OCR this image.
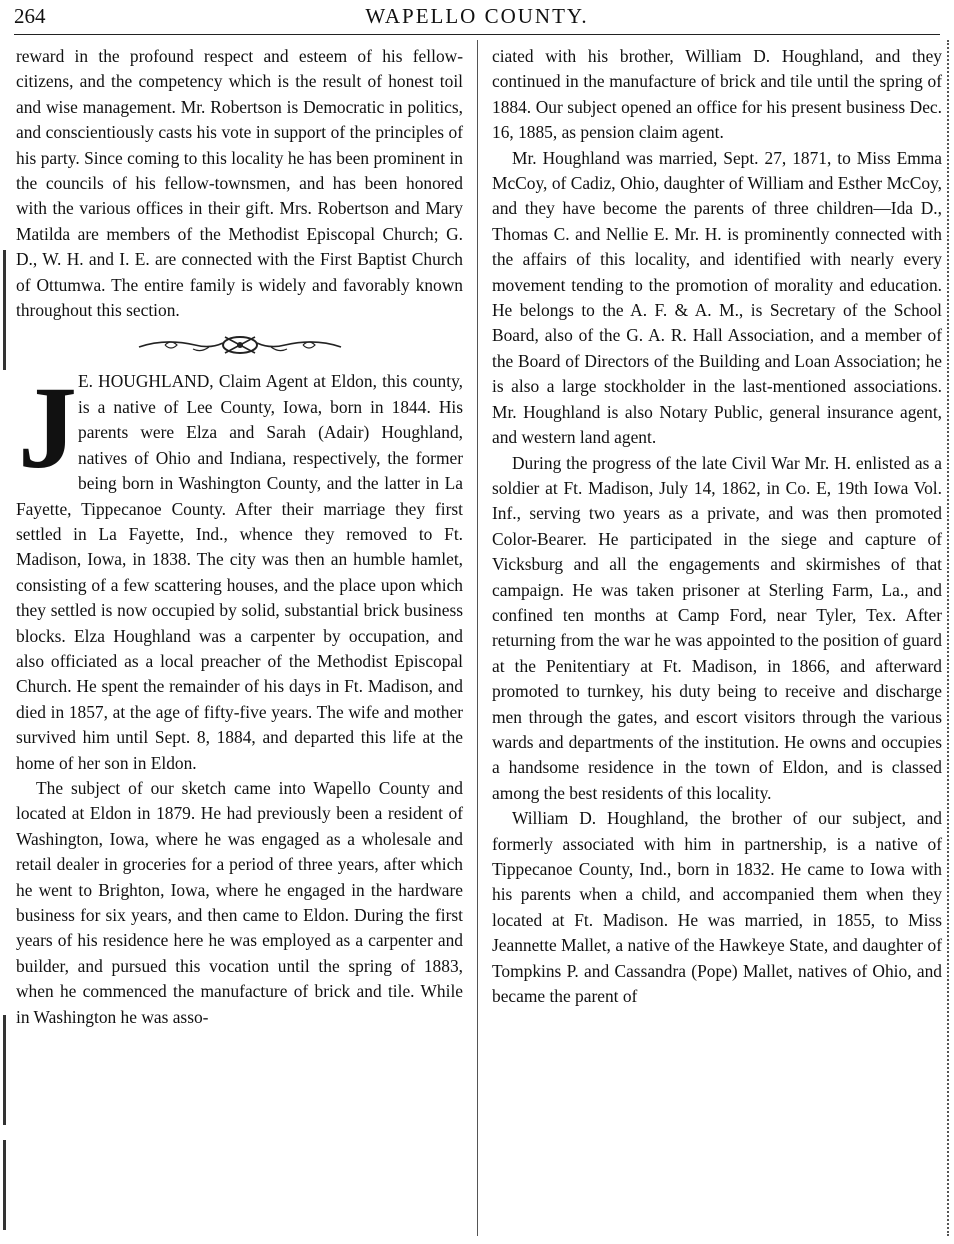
264	WAPELLO COUNTY.

reward in the profound respect and esteem of his fellow-citizens, and the competency which is the result of honest toil and wise management. Mr. Robertson is Democratic in politics, and conscientiously casts his vote in support of the principles of his party. Since coming to this locality he has been prominent in the councils of his fellow-townsmen, and has been honored with the various offices in their gift. Mrs. Robertson and Mary Matilda are members of the Methodist Episcopal Church; G. D., W. H. and I. E. are connected with the First Baptist Church of Ottumwa. The entire family is widely and favorably known throughout this section.

J E. HOUGHLAND, Claim Agent at Eldon, this county, is a native of Lee County, Iowa, born in 1844. His parents were Elza and Sarah (Adair) Houghland, natives of Ohio and Indiana, respectively, the former being born in Washington County, and the latter in La Fayette, Tippecanoe County. After their marriage they first settled in La Fayette, Ind., whence they removed to Ft. Madison, Iowa, in 1838. The city was then an humble hamlet, consisting of a few scattering houses, and the place upon which they settled is now occupied by solid, substantial brick business blocks. Elza Houghland was a carpenter by occupation, and also officiated as a local preacher of the Methodist Episcopal Church. He spent the remainder of his days in Ft. Madison, and died in 1857, at the age of fifty-five years. The wife and mother survived him until Sept. 8, 1884, and departed this life at the home of her son in Eldon.

The subject of our sketch came into Wapello County and located at Eldon in 1879. He had previously been a resident of Washington, Iowa, where he was engaged as a wholesale and retail dealer in groceries for a period of three years, after which he went to Brighton, Iowa, where he engaged in the hardware business for six years, and then came to Eldon. During the first years of his residence here he was employed as a carpenter and builder, and pursued this vocation until the spring of 1883, when he commenced the manufacture of brick and tile. While in Washington he was asso-

ciated with his brother, William D. Houghland, and they continued in the manufacture of brick and tile until the spring of 1884. Our subject opened an office for his present business Dec. 16, 1885, as pension claim agent.

Mr. Houghland was married, Sept. 27, 1871, to Miss Emma McCoy, of Cadiz, Ohio, daughter of William and Esther McCoy, and they have become the parents of three children—Ida D., Thomas C. and Nellie E. Mr. H. is prominently connected with the affairs of this locality, and identified with nearly every movement tending to the promotion of morality and education. He belongs to the A. F. & A. M., is Secretary of the School Board, also of the G. A. R. Hall Association, and a member of the Board of Directors of the Building and Loan Association; he is also a large stockholder in the last-mentioned associations. Mr. Houghland is also Notary Public, general insurance agent, and western land agent.

During the progress of the late Civil War Mr. H. enlisted as a soldier at Ft. Madison, July 14, 1862, in Co. E, 19th Iowa Vol. Inf., serving two years as a private, and was then promoted Color-Bearer. He participated in the siege and capture of Vicksburg and all the engagements and skirmishes of that campaign. He was taken prisoner at Sterling Farm, La., and confined ten months at Camp Ford, near Tyler, Tex. After returning from the war he was appointed to the position of guard at the Penitentiary at Ft. Madison, in 1866, and afterward promoted to turnkey, his duty being to receive and discharge men through the gates, and escort visitors through the various wards and departments of the institution. He owns and occupies a handsome residence in the town of Eldon, and is classed among the best residents of this locality.

William D. Houghland, the brother of our subject, and formerly associated with him in partnership, is a native of Tippecanoe County, Ind., born in 1832. He came to Iowa with his parents when a child, and accompanied them when they located at Ft. Madison. He was married, in 1855, to Miss Jeannette Mallet, a native of the Hawkeye State, and daughter of Tompkins P. and Cassandra (Pope) Mallet, natives of Ohio, and became the parent of
